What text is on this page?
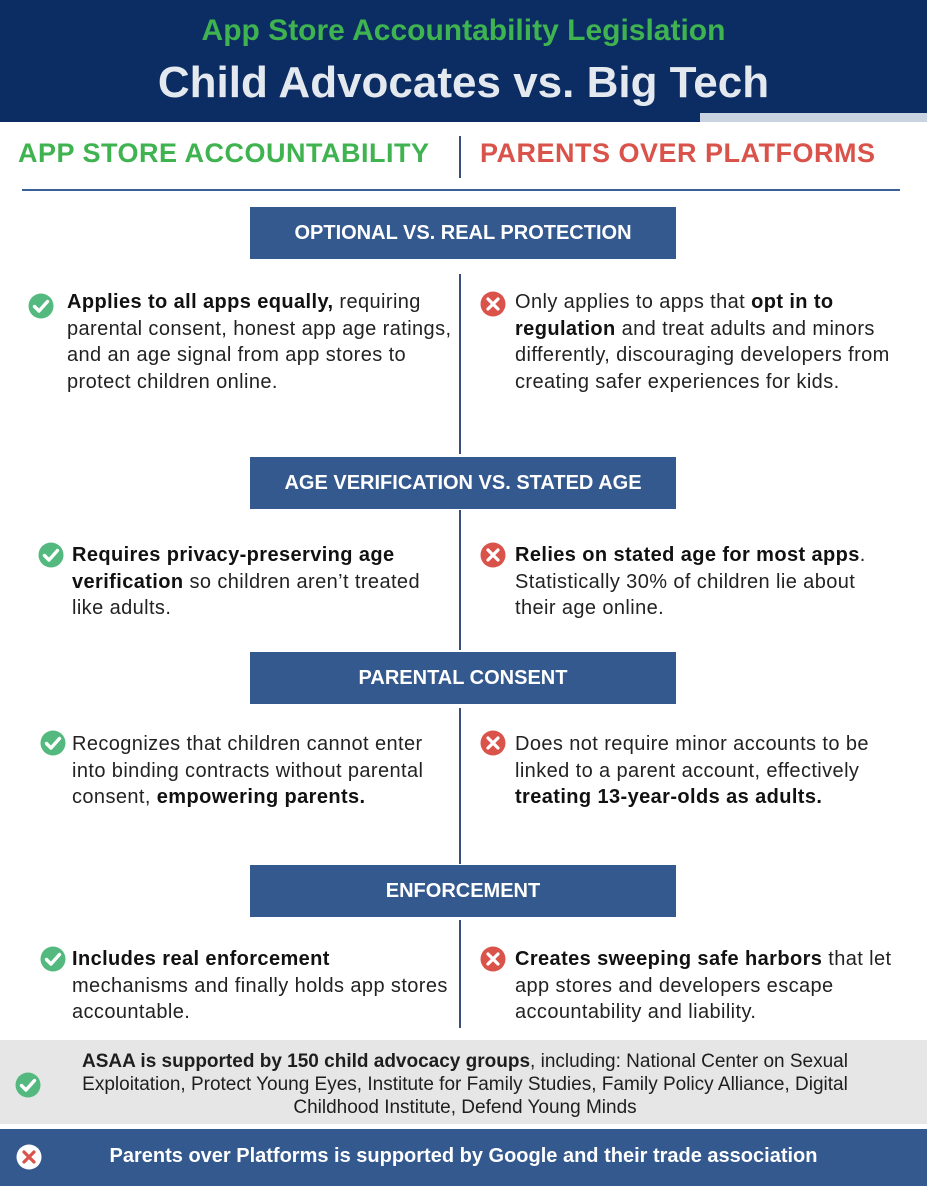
App Store Accountability Legislation
Child Advocates vs. Big Tech
APP STORE ACCOUNTABILITY PARENTS OVER PLATFORMS
OPTIONAL VS. REAL PROTECTION
Applies to all apps equally, requiring parental consent, honest app age ratings, and an age signal from app stores to protect children online.
Only applies to apps that opt in to regulation and treat adults and minors differently, discouraging developers from creating safer experiences for kids.
AGE VERIFICATION VS. STATED AGE
Requires privacy-preserving age verification so children aren’t treated like adults.
Relies on stated age for most apps. Statistically 30% of children lie about their age online.
PARENTAL CONSENT
Recognizes that children cannot enter into binding contracts without parental consent, empowering parents.
Does not require minor accounts to be linked to a parent account, effectively treating 13-year-olds as adults.
ENFORCEMENT
Includes real enforcement mechanisms and finally holds app stores accountable.
Creates sweeping safe harbors that let app stores and developers escape accountability and liability.
ASAA is supported by 150 child advocacy groups, including: National Center on Sexual Exploitation, Protect Young Eyes, Institute for Family Studies, Family Policy Alliance, Digital Childhood Institute, Defend Young Minds
Parents over Platforms is supported by Google and their trade association
